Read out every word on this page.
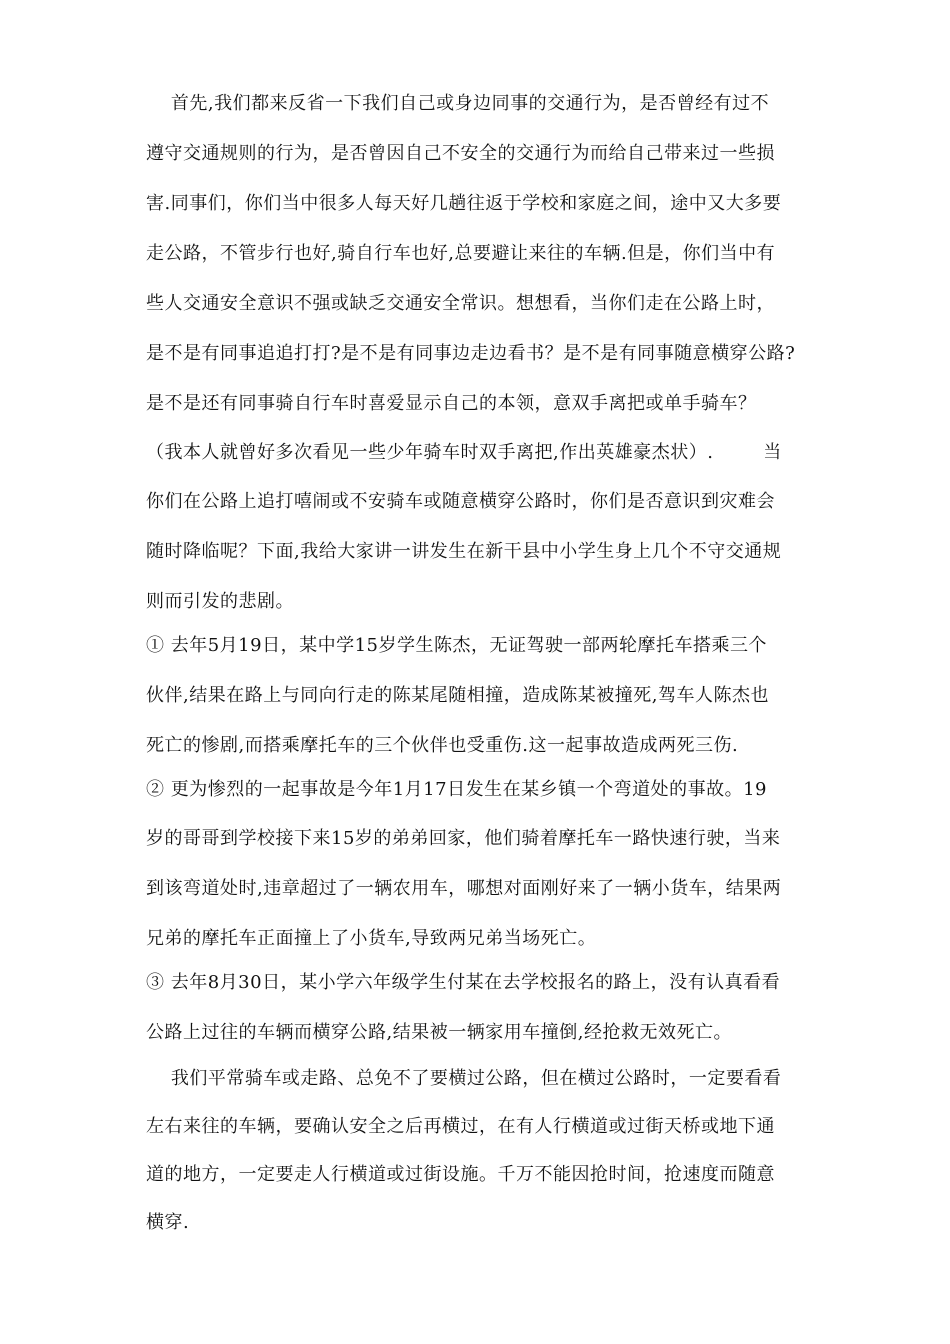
首先,我们都来反省一下我们自己或身边同事的交通行为，是否曾经有过不
遵守交通规则的行为，是否曾因自己不安全的交通行为而给自己带来过一些损
害.同事们，你们当中很多人每天好几趟往返于学校和家庭之间，途中又大多要
走公路，不管步行也好,骑自行车也好,总要避让来往的车辆.但是，你们当中有
些人交通安全意识不强或缺乏交通安全常识。想想看，当你们走在公路上时，
是不是有同事追追打打?是不是有同事边走边看书？是不是有同事随意横穿公路?
是不是还有同事骑自行车时喜爱显示自己的本领，意双手离把或单手骑车？
（我本人就曾好多次看见一些少年骑车时双手离把,作出英雄豪杰状）.        当
你们在公路上追打嘻闹或不安骑车或随意横穿公路时，你们是否意识到灾难会
随时降临呢？下面,我给大家讲一讲发生在新干县中小学生身上几个不守交通规
则而引发的悲剧。
① 去年5月19日，某中学15岁学生陈杰，无证驾驶一部两轮摩托车搭乘三个
伙伴,结果在路上与同向行走的陈某尾随相撞，造成陈某被撞死,驾车人陈杰也
死亡的惨剧,而搭乘摩托车的三个伙伴也受重伤.这一起事故造成两死三伤.
② 更为惨烈的一起事故是今年1月17日发生在某乡镇一个弯道处的事故。19
岁的哥哥到学校接下来15岁的弟弟回家，他们骑着摩托车一路快速行驶，当来
到该弯道处时,违章超过了一辆农用车，哪想对面刚好来了一辆小货车，结果两
兄弟的摩托车正面撞上了小货车,导致两兄弟当场死亡。
③ 去年8月30日，某小学六年级学生付某在去学校报名的路上，没有认真看看
公路上过往的车辆而横穿公路,结果被一辆家用车撞倒,经抢救无效死亡。
我们平常骑车或走路、总免不了要横过公路，但在横过公路时，一定要看看
左右来往的车辆，要确认安全之后再横过，在有人行横道或过街天桥或地下通
道的地方，一定要走人行横道或过街设施。千万不能因抢时间，抢速度而随意
横穿.
